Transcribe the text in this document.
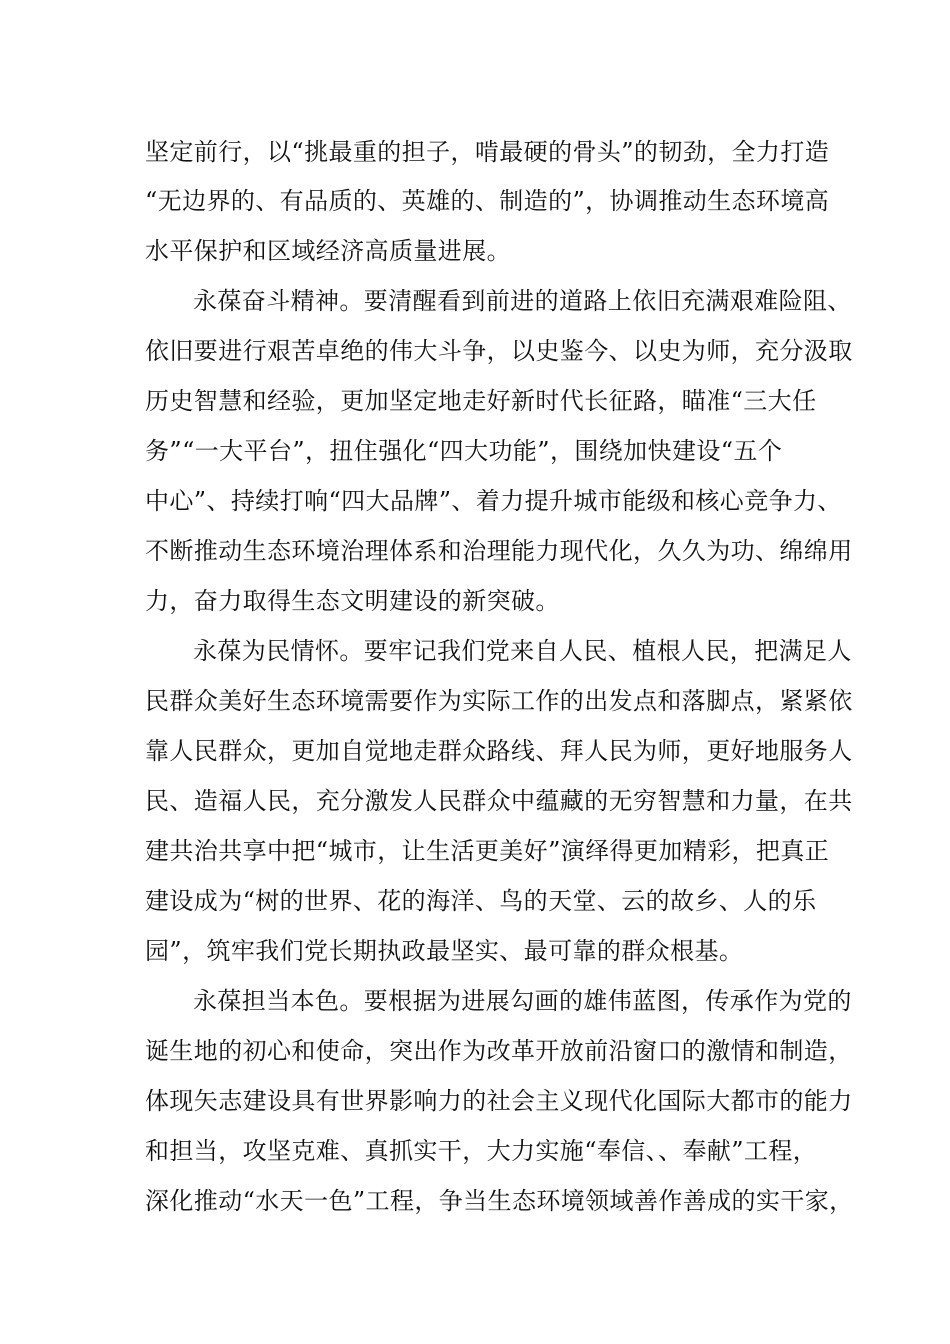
坚定前行，以“挑最重的担子，啃最硬的骨头”的韧劲，全力打造
“无边界的、有品质的、英雄的、制造的”，协调推动生态环境高
水平保护和区域经济高质量进展。
永葆奋斗精神。要清醒看到前进的道路上依旧充满艰难险阻、
依旧要进行艰苦卓绝的伟大斗争，以史鉴今、以史为师，充分汲取
历史智慧和经验，更加坚定地走好新时代长征路，瞄准“三大任
务”“一大平台”，扭住强化“四大功能”，围绕加快建设“五个
中心”、持续打响“四大品牌”、着力提升城市能级和核心竞争力、
不断推动生态环境治理体系和治理能力现代化，久久为功、绵绵用
力，奋力取得生态文明建设的新突破。
永葆为民情怀。要牢记我们党来自人民、植根人民，把满足人
民群众美好生态环境需要作为实际工作的出发点和落脚点，紧紧依
靠人民群众，更加自觉地走群众路线、拜人民为师，更好地服务人
民、造福人民，充分激发人民群众中蕴藏的无穷智慧和力量，在共
建共治共享中把“城市，让生活更美好”演绎得更加精彩，把真正
建设成为“树的世界、花的海洋、鸟的天堂、云的故乡、人的乐
园”，筑牢我们党长期执政最坚实、最可靠的群众根基。
永葆担当本色。要根据为进展勾画的雄伟蓝图，传承作为党的
诞生地的初心和使命，突出作为改革开放前沿窗口的激情和制造，
体现矢志建设具有世界影响力的社会主义现代化国际大都市的能力
和担当，攻坚克难、真抓实干，大力实施“奉信、、奉献”工程，
深化推动“水天一色”工程，争当生态环境领域善作善成的实干家，
